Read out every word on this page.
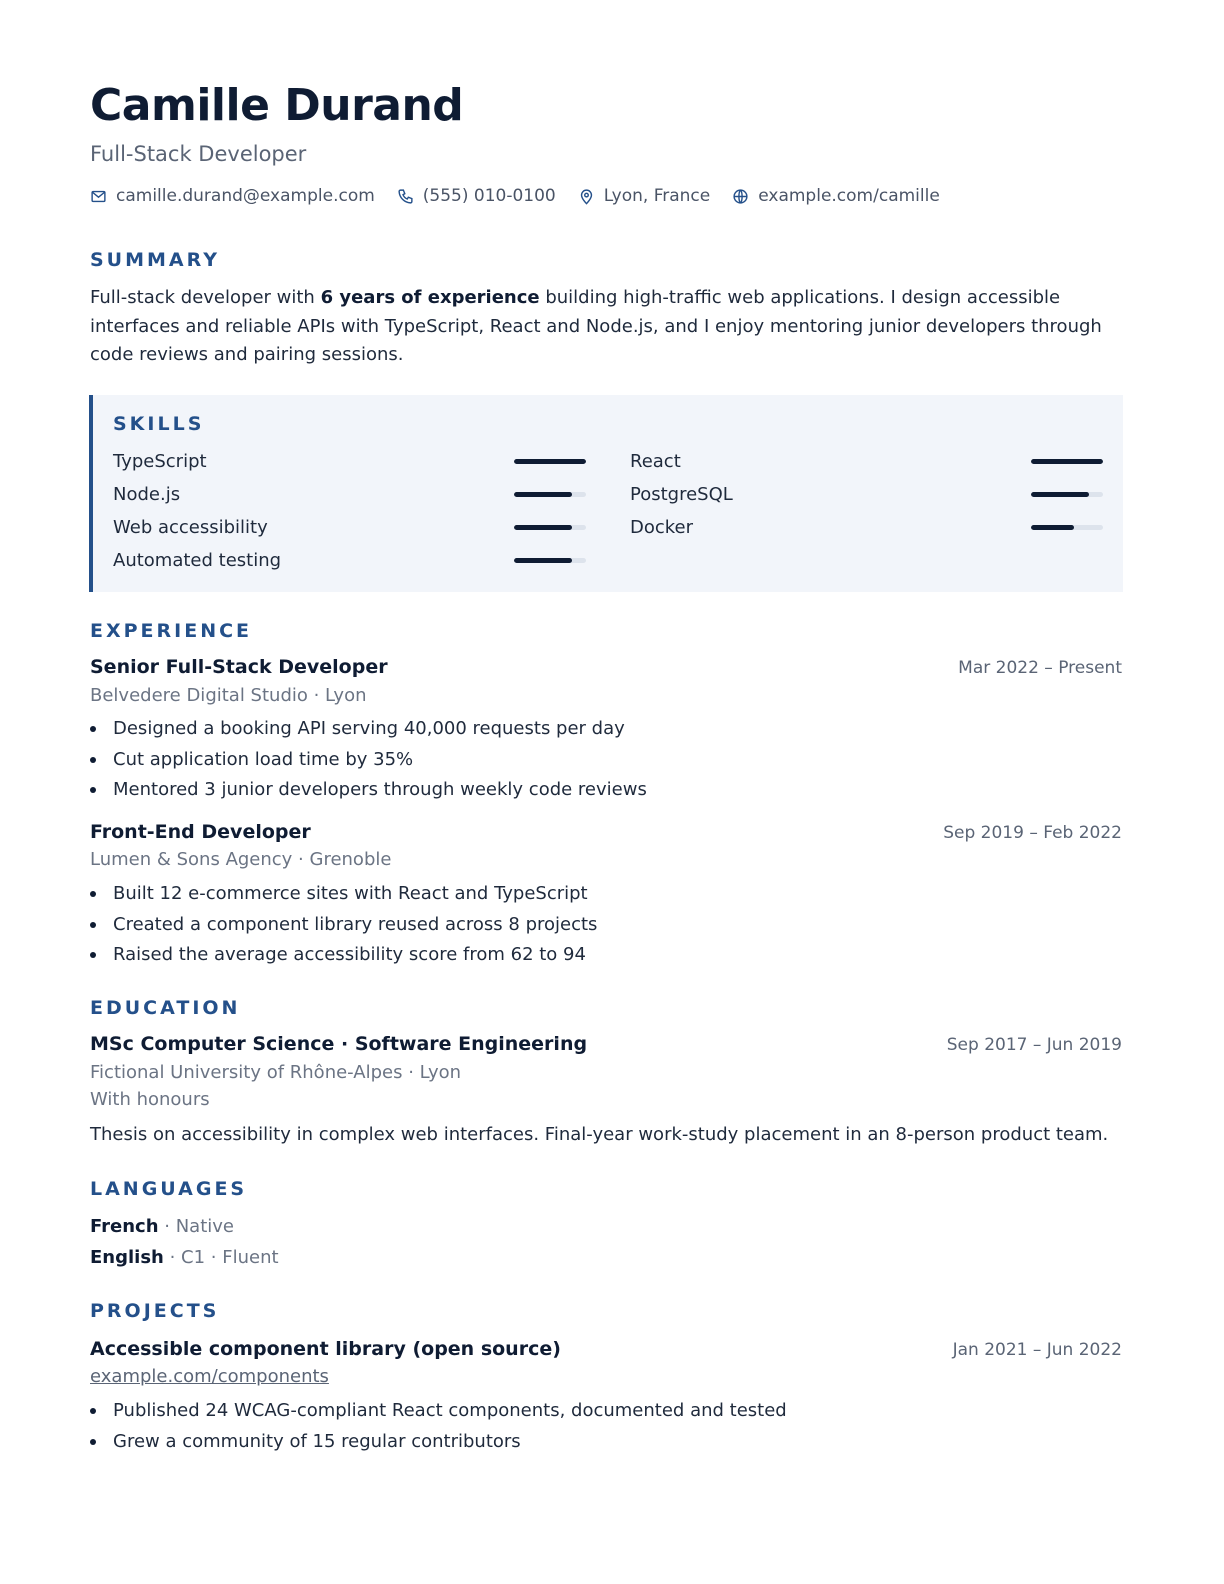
Camille Durand
Full-Stack Developer
camille.durand@example.com	(555) 010-0100	Lyon, France	example.com/camille
SUMMARY

Full-stack developer with 6 years of experience building high-traffic web applications. I design accessible interfaces and reliable APIs with TypeScript, React and Node.js, and I enjoy mentoring junior developers through code reviews and pairing sessions.

SKILLS
TypeScript	React
Node.js	PostgreSQL
Web accessibility	Docker
Automated testing
EXPERIENCE
Senior Full-Stack Developer	Mar 2022 – Present
Belvedere Digital Studio · Lyon
Designed a booking API serving 40,000 requests per day
Cut application load time by 35%
Mentored 3 junior developers through weekly code reviews
Front-End Developer	Sep 2019 – Feb 2022
Lumen & Sons Agency · Grenoble
Built 12 e-commerce sites with React and TypeScript
Created a component library reused across 8 projects
Raised the average accessibility score from 62 to 94
EDUCATION
MSc Computer Science · Software Engineering	Sep 2017 – Jun 2019
Fictional University of Rhône-Alpes · Lyon
With honours
Thesis on accessibility in complex web interfaces. Final-year work-study placement in an 8-person product team.
LANGUAGES
French · Native
English · C1 · Fluent
PROJECTS
Accessible component library (open source)	Jan 2021 – Jun 2022
example.com/components
Published 24 WCAG-compliant React components, documented and tested
Grew a community of 15 regular contributors
